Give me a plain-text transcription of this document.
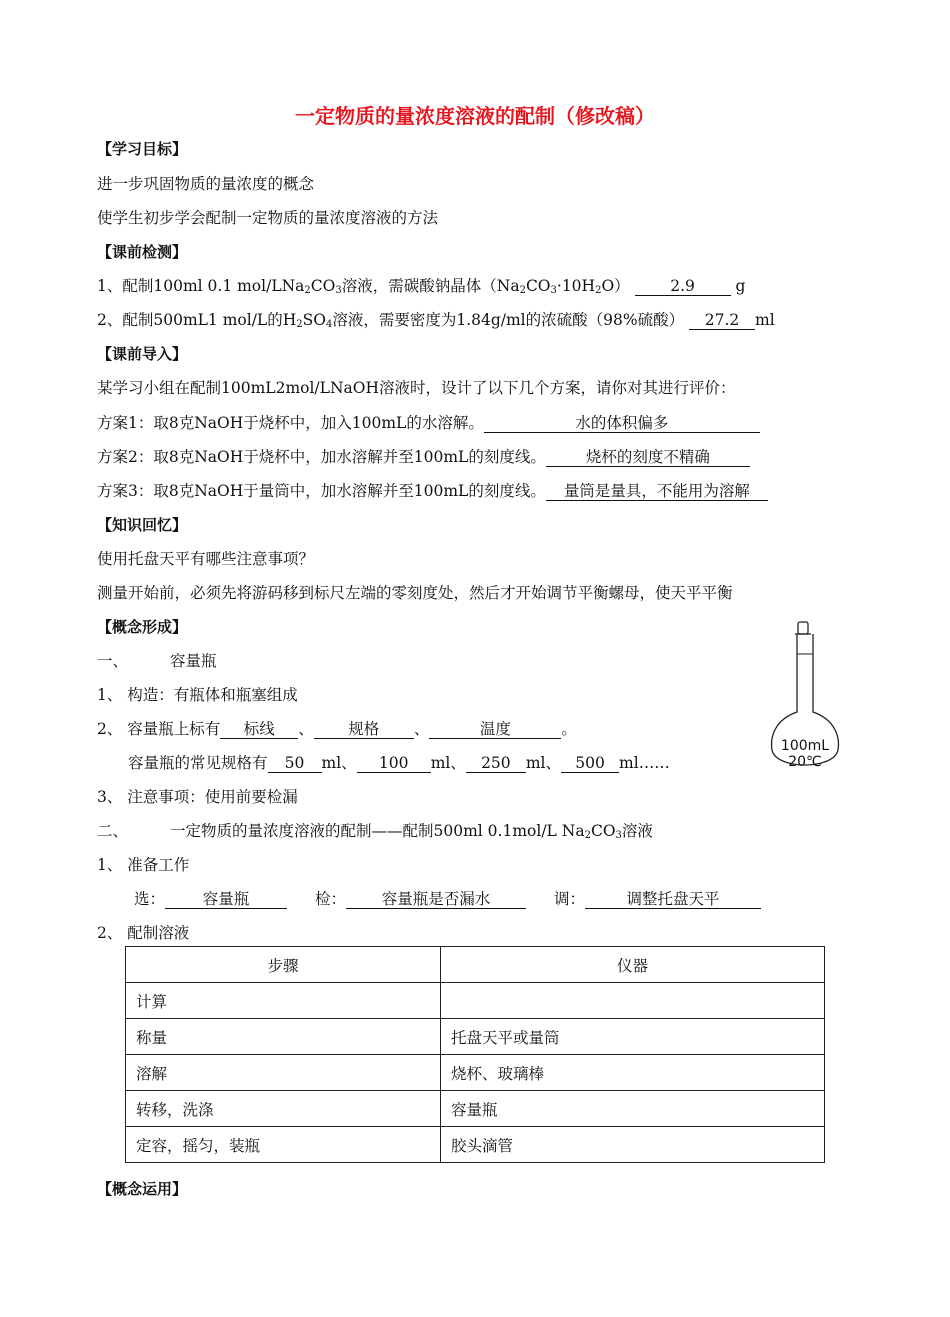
一定物质的量浓度溶液的配制（修改稿）
【学习目标】
进一步巩固物质的量浓度的概念
使学生初步学会配制一定物质的量浓度溶液的方法
【课前检测】
1、配制100ml 0.1 mol/$LNa_2CO_3$溶液，需碳酸钠晶体$(Na_2CO_3\cdot 10H_2O)$	2.9	g
2、配制500mL1 mol/L的$H_2SO_4$溶液，需要密度为1.84g/ml的浓硫酸（98%硫酸） 27.2 ml
【课前导入】
某学习小组在配制100mL2mol/LNaOH溶液时，设计了以下几个方案，请你对其进行评价：
方案1：取8克NaOH于烧杯中，加入100mL的水溶解。	水的体积偏多
方案2：取8克NaOH于烧杯中，加水溶解并至100mL的刻度线。	烧杯的刻度不精确
方案3：取8克NaOH于量筒中，加水溶解并至100mL的刻度线。 量筒是量具，不能用为溶解
【知识回忆】
使用托盘天平有哪些注意事项？
测量开始前，必须先将游码移到标尺左端的零刻度处，然后才开始调节平衡螺母，使天平平衡
【概念形成】
一、	容量瓶
1、 构造：有瓶体和瓶塞组成
2、 容量瓶上标有 标线 、 规格 、	温度	。
容量瓶的常见规格有 50 ml、 100 ml、 250 ml、 500 ml……
3、 注意事项：使用前要检漏
二、	一定物质的量浓度溶液的配制——配制500ml 0.1mol/L $Na_2CO_3$溶液
1、 准备工作
选： 容量瓶	检： 容量瓶是否漏水	调：	调整托盘天平
2、 配制溶液
100mL
20℃
步骤	仪器
计算	
称量	托盘天平或量筒
溶解	烧杯、玻璃棒
转移，洗涤	容量瓶
定容，摇匀，装瓶	胶头滴管
【概念运用】
